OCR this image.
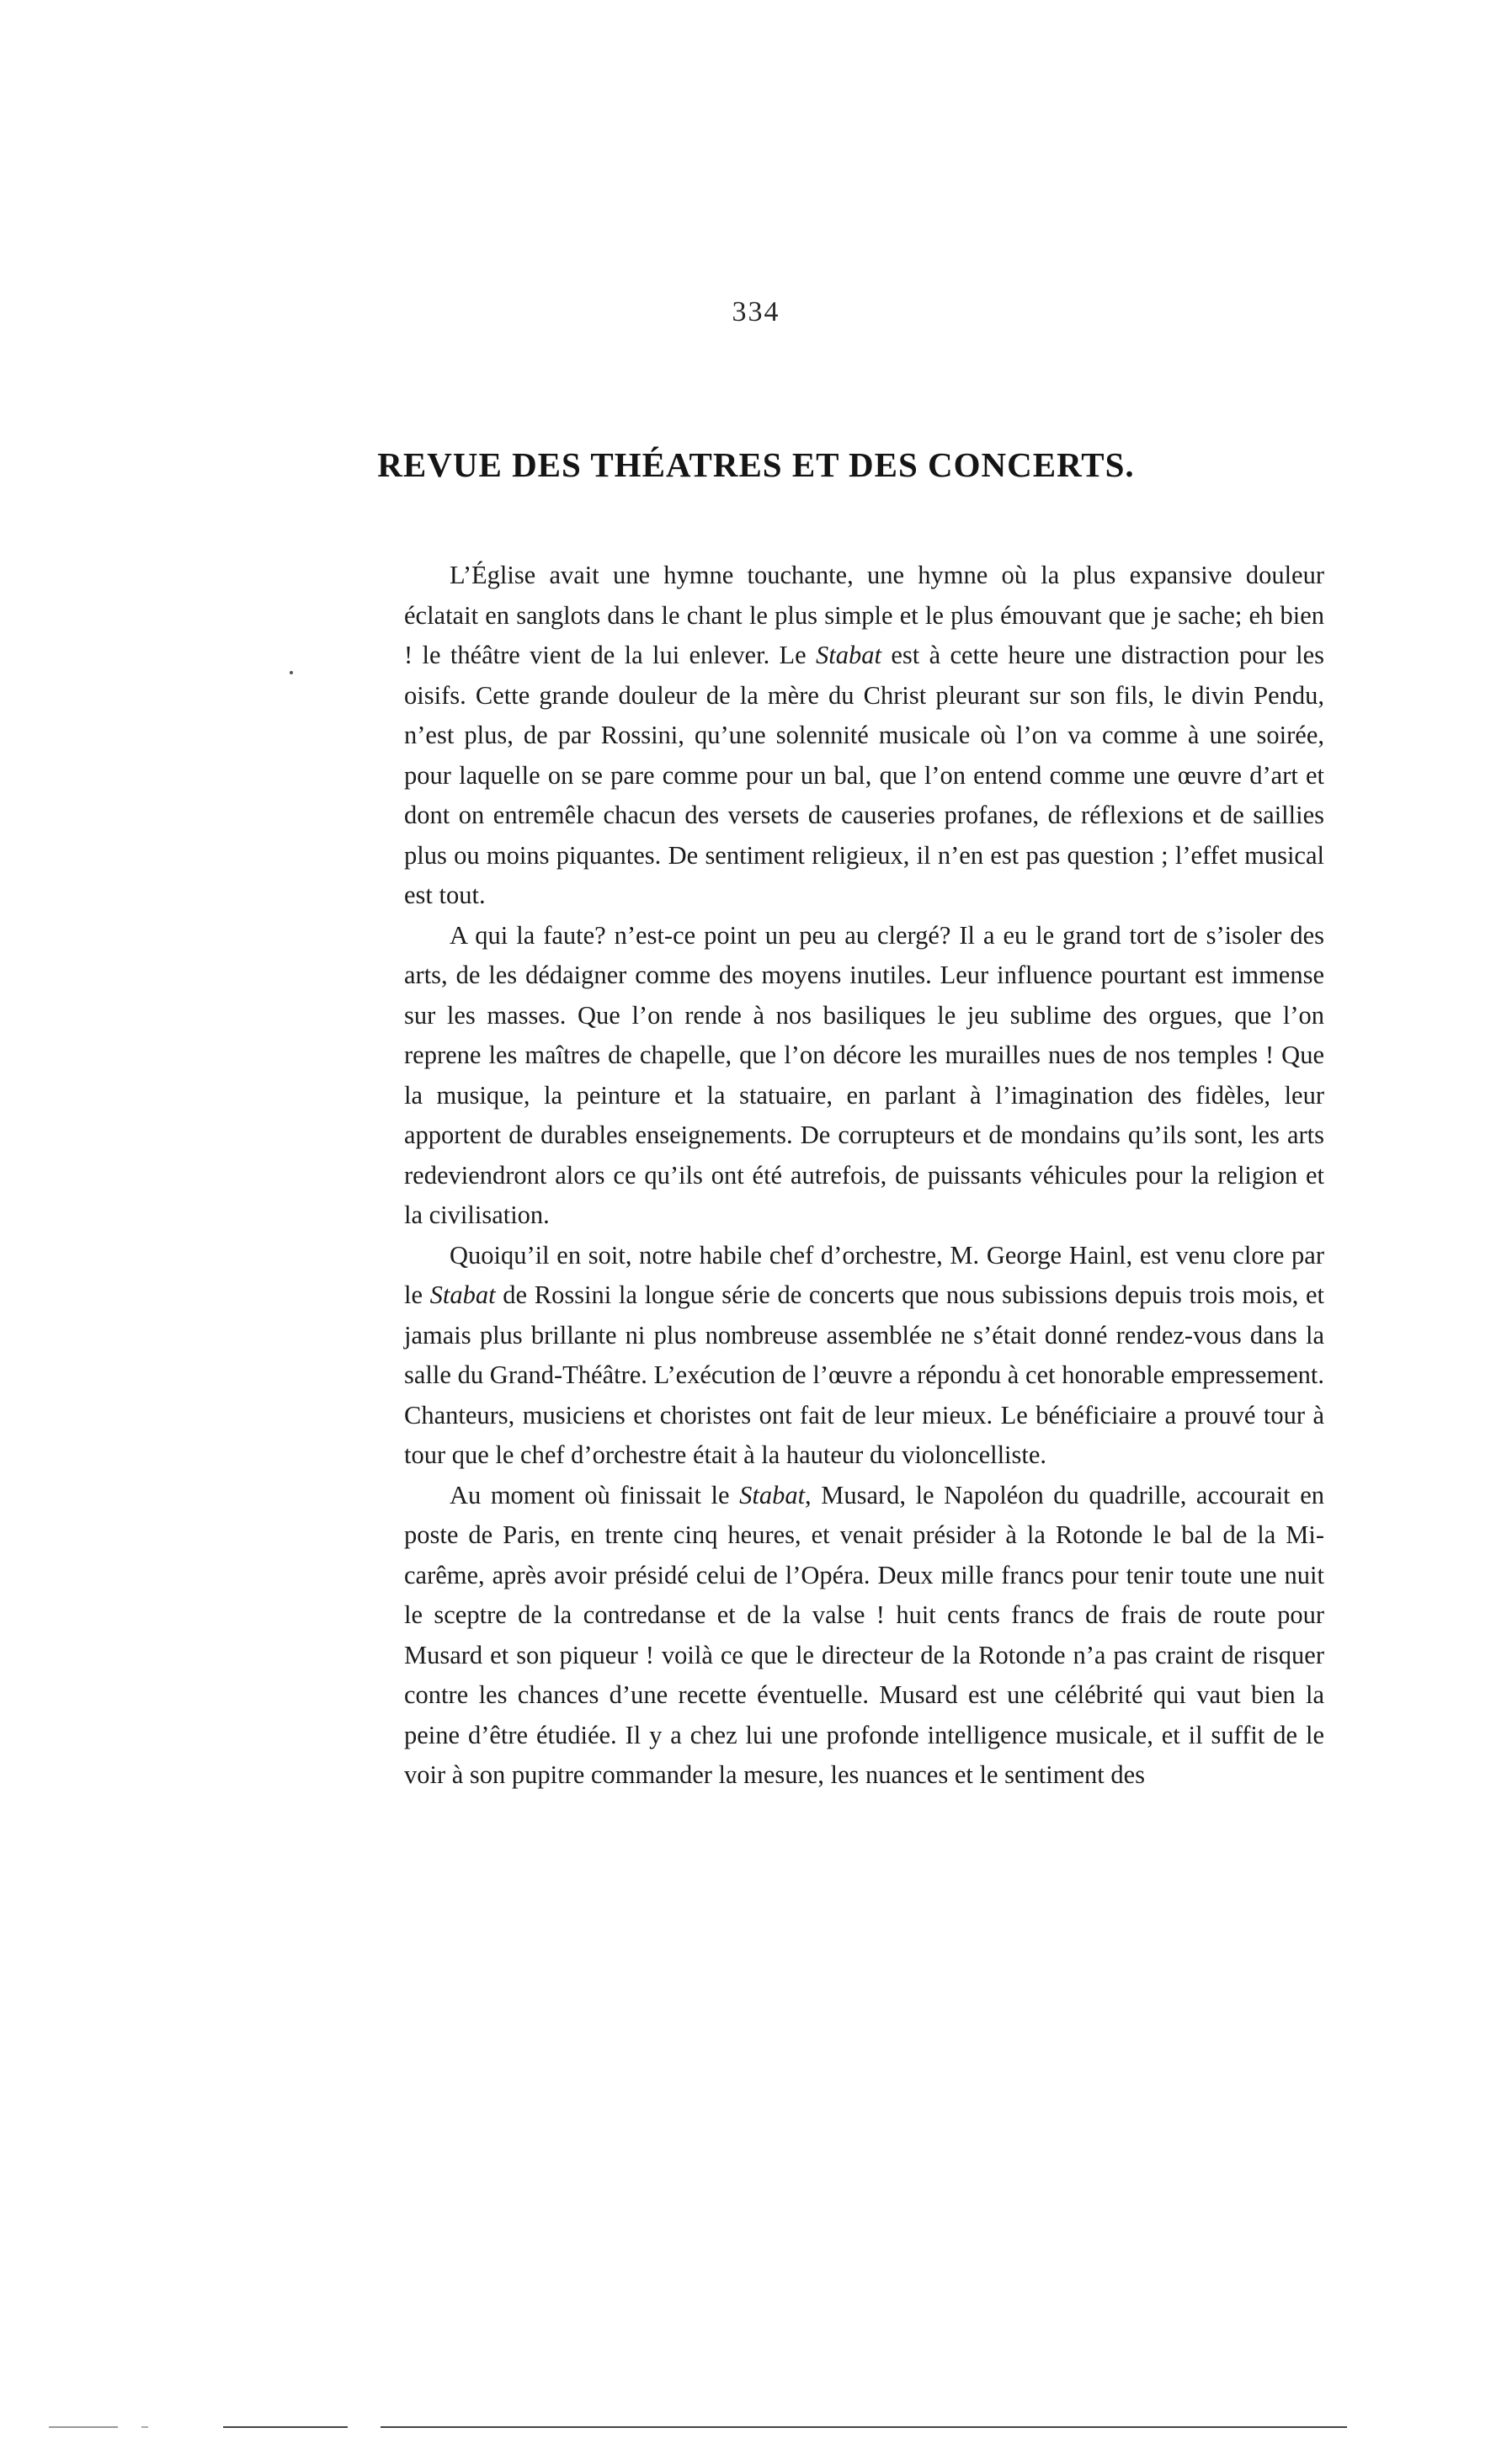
334
REVUE DES THÉATRES ET DES CONCERTS.

L’Église avait une hymne touchante, une hymne où la plus expansive douleur éclatait en sanglots dans le chant le plus simple et le plus émouvant que je sache; eh bien ! le théâtre vient de la lui enlever. Le Stabat est à cette heure une distraction pour les oisifs. Cette grande douleur de la mère du Christ pleurant sur son fils, le divin Pendu, n’est plus, de par Rossini, qu’une solennité musicale où l’on va comme à une soirée, pour laquelle on se pare comme pour un bal, que l’on entend comme une œuvre d’art et dont on entremêle chacun des versets de causeries profanes, de réflexions et de saillies plus ou moins piquantes. De sentiment religieux, il n’en est pas question ; l’effet musical est tout.

A qui la faute? n’est-ce point un peu au clergé? Il a eu le grand tort de s’isoler des arts, de les dédaigner comme des moyens inutiles. Leur influence pourtant est immense sur les masses. Que l’on rende à nos basiliques le jeu sublime des orgues, que l’on reprene les maîtres de chapelle, que l’on décore les murailles nues de nos temples ! Que la musique, la peinture et la statuaire, en parlant à l’imagination des fidèles, leur apportent de durables enseignements. De corrupteurs et de mondains qu’ils sont, les arts redeviendront alors ce qu’ils ont été autrefois, de puissants véhicules pour la religion et la civilisation.

Quoiqu’il en soit, notre habile chef d’orchestre, M. George Hainl, est venu clore par le Stabat de Rossini la longue série de concerts que nous subissions depuis trois mois, et jamais plus brillante ni plus nombreuse assemblée ne s’était donné rendez-vous dans la salle du Grand-Théâtre. L’exécution de l’œuvre a répondu à cet honorable empressement. Chanteurs, musiciens et choristes ont fait de leur mieux. Le bénéficiaire a prouvé tour à tour que le chef d’orchestre était à la hauteur du violoncelliste.

Au moment où finissait le Stabat, Musard, le Napoléon du quadrille, accourait en poste de Paris, en trente cinq heures, et venait présider à la Rotonde le bal de la Mi-carême, après avoir présidé celui de l’Opéra. Deux mille francs pour tenir toute une nuit le sceptre de la contredanse et de la valse ! huit cents francs de frais de route pour Musard et son piqueur ! voilà ce que le directeur de la Rotonde n’a pas craint de risquer contre les chances d’une recette éventuelle. Musard est une célébrité qui vaut bien la peine d’être étudiée. Il y a chez lui une profonde intelligence musicale, et il suffit de le voir à son pupitre commander la mesure, les nuances et le sentiment des
